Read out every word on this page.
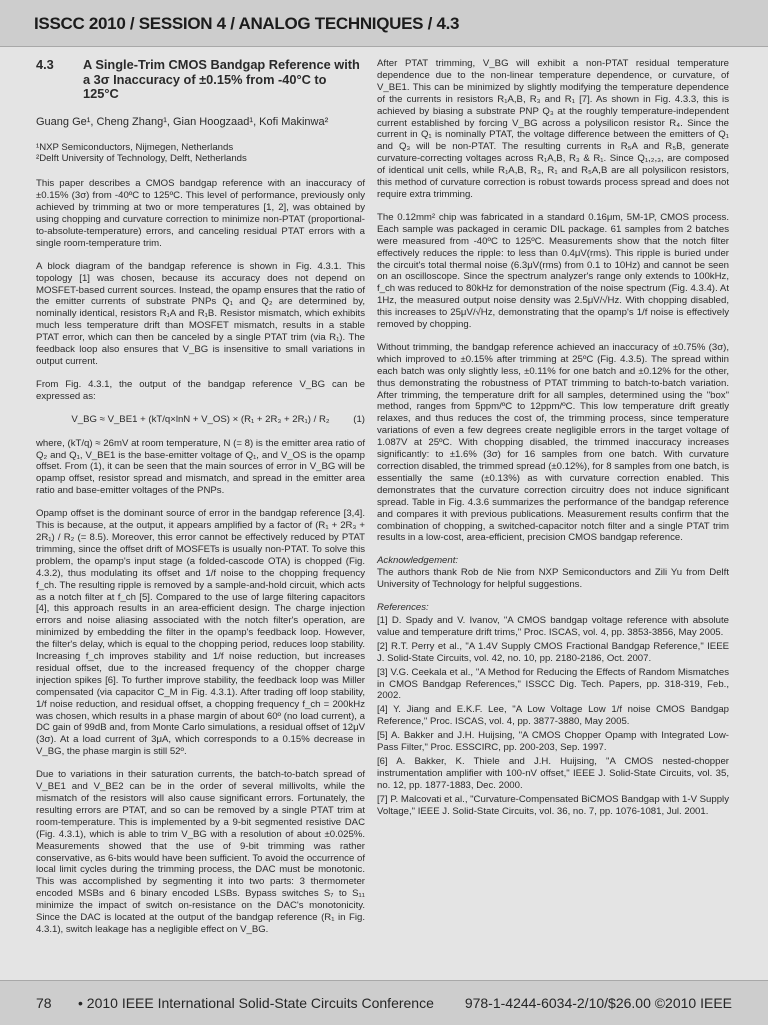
ISSCC 2010 / SESSION 4 / ANALOG TECHNIQUES / 4.3
4.3	A Single-Trim CMOS Bandgap Reference with a 3σ Inaccuracy of ±0.15% from -40°C to 125°C
Guang Ge¹, Cheng Zhang¹, Gian Hoogzaad¹, Kofi Makinwa²
¹NXP Semiconductors, Nijmegen, Netherlands
²Delft University of Technology, Delft, Netherlands

This paper describes a CMOS bandgap reference with an inaccuracy of ±0.15% (3σ) from -40ºC to 125ºC. This level of performance, previously only achieved by trimming at two or more temperatures [1, 2], was obtained by using chopping and curvature correction to minimize non-PTAT (proportional-to-absolute-temperature) errors, and canceling residual PTAT errors with a single room-temperature trim.

A block diagram of the bandgap reference is shown in Fig. 4.3.1. This topology [1] was chosen, because its accuracy does not depend on MOSFET-based current sources. Instead, the opamp ensures that the ratio of the emitter currents of substrate PNPs Q₁ and Q₂ are determined by, nominally identical, resistors R₁A and R₁B. Resistor mismatch, which exhibits much less temperature drift than MOSFET mismatch, results in a stable PTAT error, which can then be canceled by a single PTAT trim (via R₁). The feedback loop also ensures that V_BG is insensitive to small variations in output current.

From Fig. 4.3.1, the output of the bandgap reference V_BG can be expressed as:

V_BG ≈ V_BE1 + (kT/q×lnN + V_OS) × (R₁ + 2R₃ + 2R₁) / R₂ (1)

where, (kT/q) ≈ 26mV at room temperature, N (= 8) is the emitter area ratio of Q₂ and Q₁, V_BE1 is the base-emitter voltage of Q₁, and V_OS is the opamp offset. From (1), it can be seen that the main sources of error in V_BG will be opamp offset, resistor spread and mismatch, and spread in the emitter area ratio and base-emitter voltages of the PNPs.

Opamp offset is the dominant source of error in the bandgap reference [3,4]. This is because, at the output, it appears amplified by a factor of (R₁ + 2R₃ + 2R₁) / R₂ (= 8.5). Moreover, this error cannot be effectively reduced by PTAT trimming, since the offset drift of MOSFETs is usually non-PTAT. To solve this problem, the opamp's input stage (a folded-cascode OTA) is chopped (Fig. 4.3.2), thus modulating its offset and 1/f noise to the chopping frequency f_ch. The resulting ripple is removed by a sample-and-hold circuit, which acts as a notch filter at f_ch [5]. Compared to the use of large filtering capacitors [4], this approach results in an area-efficient design. The charge injection errors and noise aliasing associated with the notch filter's operation, are minimized by embedding the filter in the opamp's feedback loop. However, the filter's delay, which is equal to the chopping period, reduces loop stability. Increasing f_ch improves stability and 1/f noise reduction, but increases residual offset, due to the increased frequency of the chopper charge injection spikes [6]. To further improve stability, the feedback loop was Miller compensated (via capacitor C_M in Fig. 4.3.1). After trading off loop stability, 1/f noise reduction, and residual offset, a chopping frequency f_ch = 200kHz was chosen, which results in a phase margin of about 60º (no load current), a DC gain of 99dB and, from Monte Carlo simulations, a residual offset of 12μV (3σ). At a load current of 3μA, which corresponds to a 0.15% decrease in V_BG, the phase margin is still 52º.

Due to variations in their saturation currents, the batch-to-batch spread of V_BE1 and V_BE2 can be in the order of several millivolts, while the mismatch of the resistors will also cause significant errors. Fortunately, the resulting errors are PTAT, and so can be removed by a single PTAT trim at room-temperature. This is implemented by a 9-bit segmented resistive DAC (Fig. 4.3.1), which is able to trim V_BG with a resolution of about ±0.025%. Measurements showed that the use of 9-bit trimming was rather conservative, as 6-bits would have been sufficient. To avoid the occurrence of local limit cycles during the trimming process, the DAC must be monotonic. This was accomplished by segmenting it into two parts: 3 thermometer encoded MSBs and 6 binary encoded LSBs. Bypass switches S₇ to S₁₁ minimize the impact of switch on-resistance on the DAC's monotonicity. Since the DAC is located at the output of the bandgap reference (R₁ in Fig. 4.3.1), switch leakage has a negligible effect on V_BG.

After PTAT trimming, V_BG will exhibit a non-PTAT residual temperature dependence due to the non-linear temperature dependence, or curvature, of V_BE1. This can be minimized by slightly modifying the temperature dependence of the currents in resistors R₁A,B, R₃ and R₁ [7]. As shown in Fig. 4.3.3, this is achieved by biasing a substrate PNP Q₃ at the roughly temperature-independent current established by forcing V_BG across a polysilicon resistor R₄. Since the current in Q₁ is nominally PTAT, the voltage difference between the emitters of Q₁ and Q₃ will be non-PTAT. The resulting currents in R₅A and R₅B, generate curvature-correcting voltages across R₁A,B, R₃ & R₁. Since Q₁,₂,₃, are composed of identical unit cells, while R₁A,B, R₃, R₁ and R₅A,B are all polysilicon resistors, this method of curvature correction is robust towards process spread and does not require extra trimming.

The 0.12mm² chip was fabricated in a standard 0.16μm, 5M-1P, CMOS process. Each sample was packaged in ceramic DIL package. 61 samples from 2 batches were measured from -40ºC to 125ºC. Measurements show that the notch filter effectively reduces the ripple: to less than 0.4μV(rms). This ripple is buried under the circuit's total thermal noise (6.3μV(rms) from 0.1 to 10Hz) and cannot be seen on an oscilloscope. Since the spectrum analyzer's range only extends to 100kHz, f_ch was reduced to 80kHz for demonstration of the noise spectrum (Fig. 4.3.4). At 1Hz, the measured output noise density was 2.5μV/√Hz. With chopping disabled, this increases to 25μV/√Hz, demonstrating that the opamp's 1/f noise is effectively removed by chopping.

Without trimming, the bandgap reference achieved an inaccuracy of ±0.75% (3σ), which improved to ±0.15% after trimming at 25ºC (Fig. 4.3.5). The spread within each batch was only slightly less, ±0.11% for one batch and ±0.12% for the other, thus demonstrating the robustness of PTAT trimming to batch-to-batch variation. After trimming, the temperature drift for all samples, determined using the "box" method, ranges from 5ppm/ºC to 12ppm/ºC. This low temperature drift greatly relaxes, and thus reduces the cost of, the trimming process, since temperature variations of even a few degrees create negligible errors in the target voltage of 1.087V at 25ºC. With chopping disabled, the trimmed inaccuracy increases significantly: to ±1.6% (3σ) for 16 samples from one batch. With curvature correction disabled, the trimmed spread (±0.12%), for 8 samples from one batch, is essentially the same (±0.13%) as with curvature correction enabled. This demonstrates that the curvature correction circuitry does not induce significant spread. Table in Fig. 4.3.6 summarizes the performance of the bandgap reference and compares it with previous publications. Measurement results confirm that the combination of chopping, a switched-capacitor notch filter and a single PTAT trim results in a low-cost, area-efficient, precision CMOS bandgap reference.

Acknowledgement:

The authors thank Rob de Nie from NXP Semiconductors and Zili Yu from Delft University of Technology for helpful suggestions.

References:
[1] D. Spady and V. Ivanov, "A CMOS bandgap voltage reference with absolute value and temperature drift trims," Proc. ISCAS, vol. 4, pp. 3853-3856, May 2005.
[2] R.T. Perry et al., "A 1.4V Supply CMOS Fractional Bandgap Reference," IEEE J. Solid-State Circuits, vol. 42, no. 10, pp. 2180-2186, Oct. 2007.
[3] V.G. Ceekala et al., "A Method for Reducing the Effects of Random Mismatches in CMOS Bandgap References," ISSCC Dig. Tech. Papers, pp. 318-319, Feb., 2002.
[4] Y. Jiang and E.K.F. Lee, "A Low Voltage Low 1/f noise CMOS Bandgap Reference," Proc. ISCAS, vol. 4, pp. 3877-3880, May 2005.
[5] A. Bakker and J.H. Huijsing, "A CMOS Chopper Opamp with Integrated Low-Pass Filter," Proc. ESSCIRC, pp. 200-203, Sep. 1997.
[6] A. Bakker, K. Thiele and J.H. Huijsing, "A CMOS nested-chopper instrumentation amplifier with 100-nV offset," IEEE J. Solid-State Circuits, vol. 35, no. 12, pp. 1877-1883, Dec. 2000.
[7] P. Malcovati et al., "Curvature-Compensated BiCMOS Bandgap with 1-V Supply Voltage," IEEE J. Solid-State Circuits, vol. 36, no. 7, pp. 1076-1081, Jul. 2001.
78 • 2010 IEEE International Solid-State Circuits Conference 978-1-4244-6034-2/10/$26.00 ©2010 IEEE
